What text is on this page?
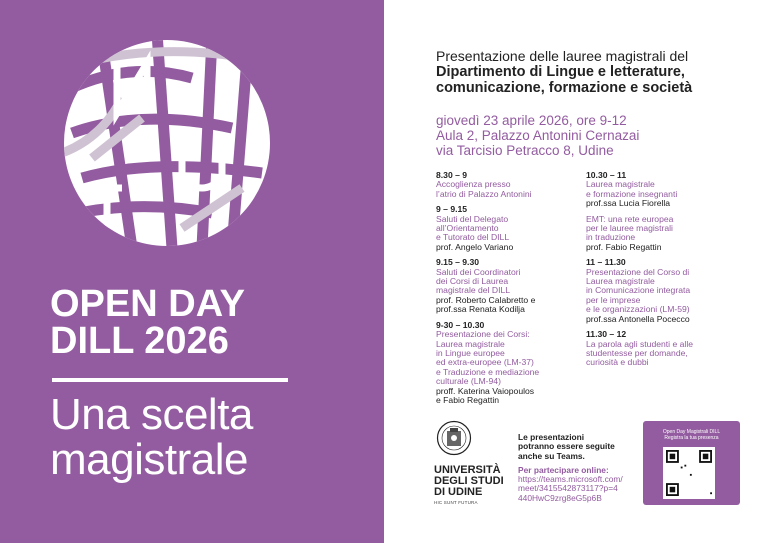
OPEN DAY
DILL 2026
Una scelta
magistrale
Presentazione delle lauree magistrali del
Dipartimento di Lingue e letterature,
comunicazione, formazione e società
giovedì 23 aprile 2026, ore 9-12
Aula 2, Palazzo Antonini Cernazai
via Tarcisio Petracco 8, Udine
8.30 – 9
Accoglienza presso
l’atrio di Palazzo Antonini
9 – 9.15
Saluti del Delegato
all’Orientamento
e Tutorato del DILL
prof. Angelo Variano
9.15 – 9.30
Saluti dei Coordinatori
dei Corsi di Laurea
magistrale del DILL
prof. Roberto Calabretto e
prof.ssa Renata Kodilja
9-30 – 10.30
Presentazione dei Corsi:
Laurea magistrale
in Lingue europee
ed extra-europee (LM-37)
e Traduzione e mediazione
culturale (LM-94)
proff. Katerina Vaiopoulos
e Fabio Regattin
10.30 – 11
Laurea magistrale
e formazione insegnanti
prof.ssa Lucia Fiorella
EMT: una rete europea
per le lauree magistrali
in traduzione
prof. Fabio Regattin
11 – 11.30
Presentazione del Corso di
Laurea magistrale
in Comunicazione integrata
per le imprese
e le organizzazioni (LM-59)
prof.ssa Antonella Pocecco
11.30 – 12
La parola agli studenti e alle
studentesse per domande,
curiosità e dubbi
UNIVERSITÀ
DEGLI STUDI
DI UDINE
HIC SUNT FUTURA
Le presentazioni
potranno essere seguite
anche su Teams.
Per partecipare online:
https://teams.microsoft.com/
meet/3415542873117?p=4
440HwC9zrg8eG5p6B
Open Day Magistrali DILL
Registra la tua presenza
